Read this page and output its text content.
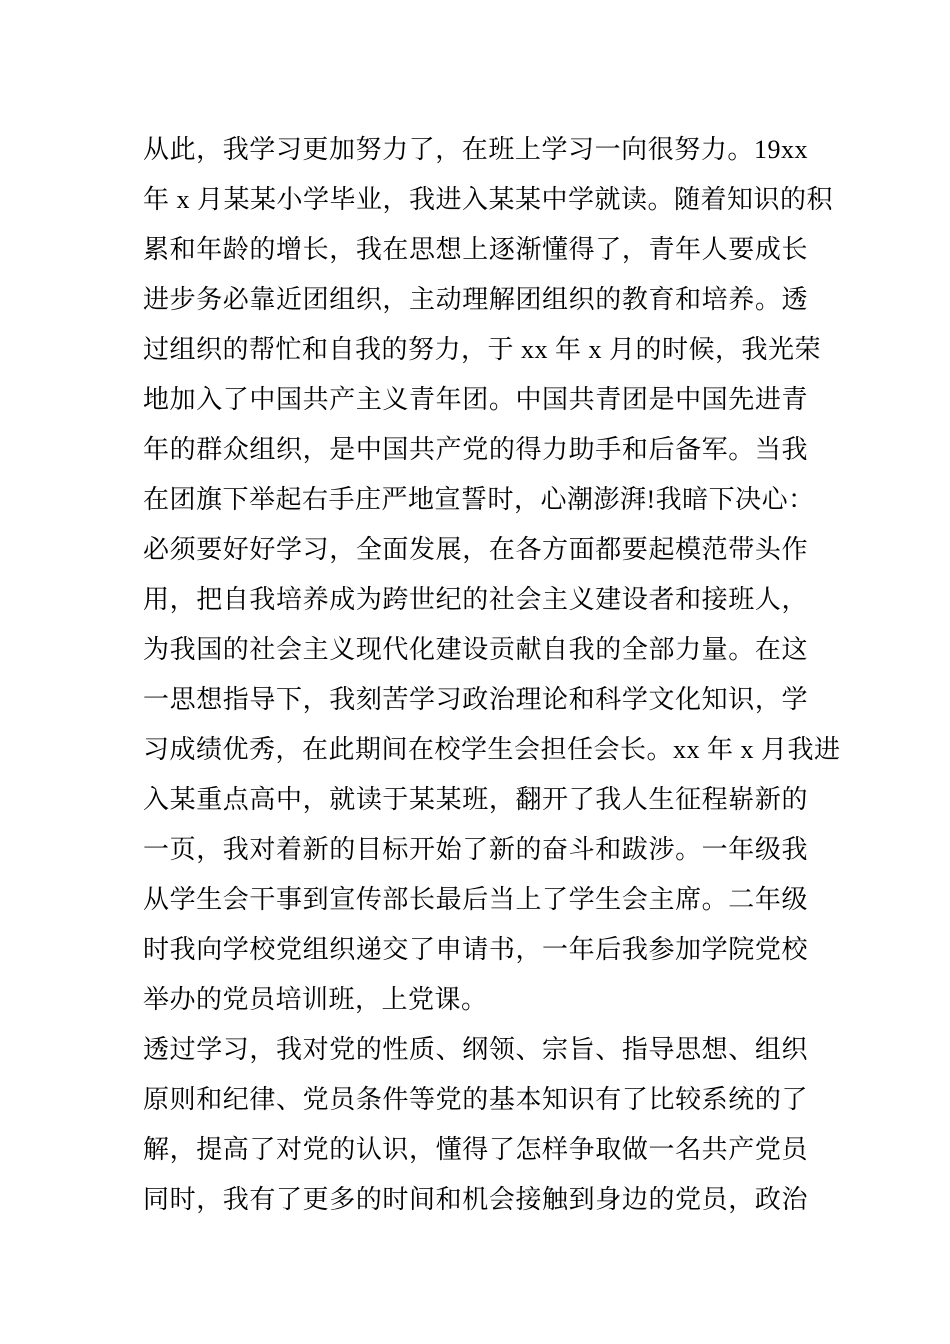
从此，我学习更加努力了，在班上学习一向很努力。19xx
年 x 月某某小学毕业，我进入某某中学就读。随着知识的积
累和年龄的增长，我在思想上逐渐懂得了，青年人要成长
进步务必靠近团组织，主动理解团组织的教育和培养。透
过组织的帮忙和自我的努力，于 xx 年 x 月的时候，我光荣
地加入了中国共产主义青年团。中国共青团是中国先进青
年的群众组织，是中国共产党的得力助手和后备军。当我
在团旗下举起右手庄严地宣誓时，心潮澎湃!我暗下决心：
必须要好好学习，全面发展，在各方面都要起模范带头作
用，把自我培养成为跨世纪的社会主义建设者和接班人，
为我国的社会主义现代化建设贡献自我的全部力量。在这
一思想指导下，我刻苦学习政治理论和科学文化知识，学
习成绩优秀，在此期间在校学生会担任会长。xx 年 x 月我进
入某重点高中，就读于某某班，翻开了我人生征程崭新的
一页，我对着新的目标开始了新的奋斗和跋涉。一年级我
从学生会干事到宣传部长最后当上了学生会主席。二年级
时我向学校党组织递交了申请书，一年后我参加学院党校
举办的党员培训班，上党课。
透过学习，我对党的性质、纲领、宗旨、指导思想、组织
原则和纪律、党员条件等党的基本知识有了比较系统的了
解，提高了对党的认识，懂得了怎样争取做一名共产党员
同时，我有了更多的时间和机会接触到身边的党员，政治
